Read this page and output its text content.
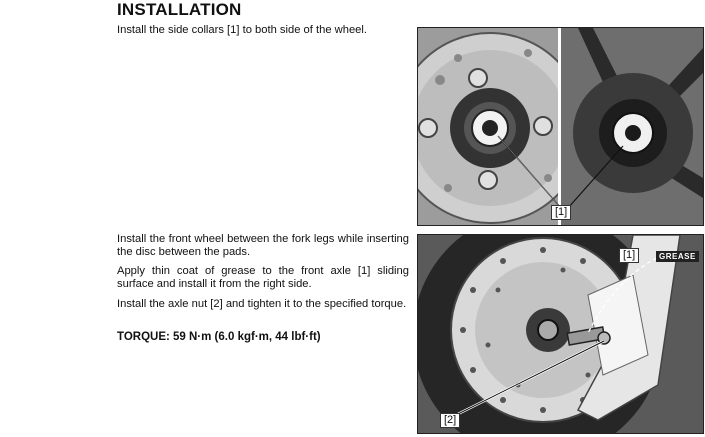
INSTALLATION
Install the side collars [1] to both side of the wheel.
Install the front wheel between the fork legs while inserting the disc between the pads.
Apply thin coat of grease to the front axle [1] sliding surface and install it from the right side.
Install the axle nut [2] and tighten it to the specified torque.
TORQUE: 59 N·m (6.0 kgf·m, 44 lbf·ft)
[1]
[1]	GREASE
[2]
